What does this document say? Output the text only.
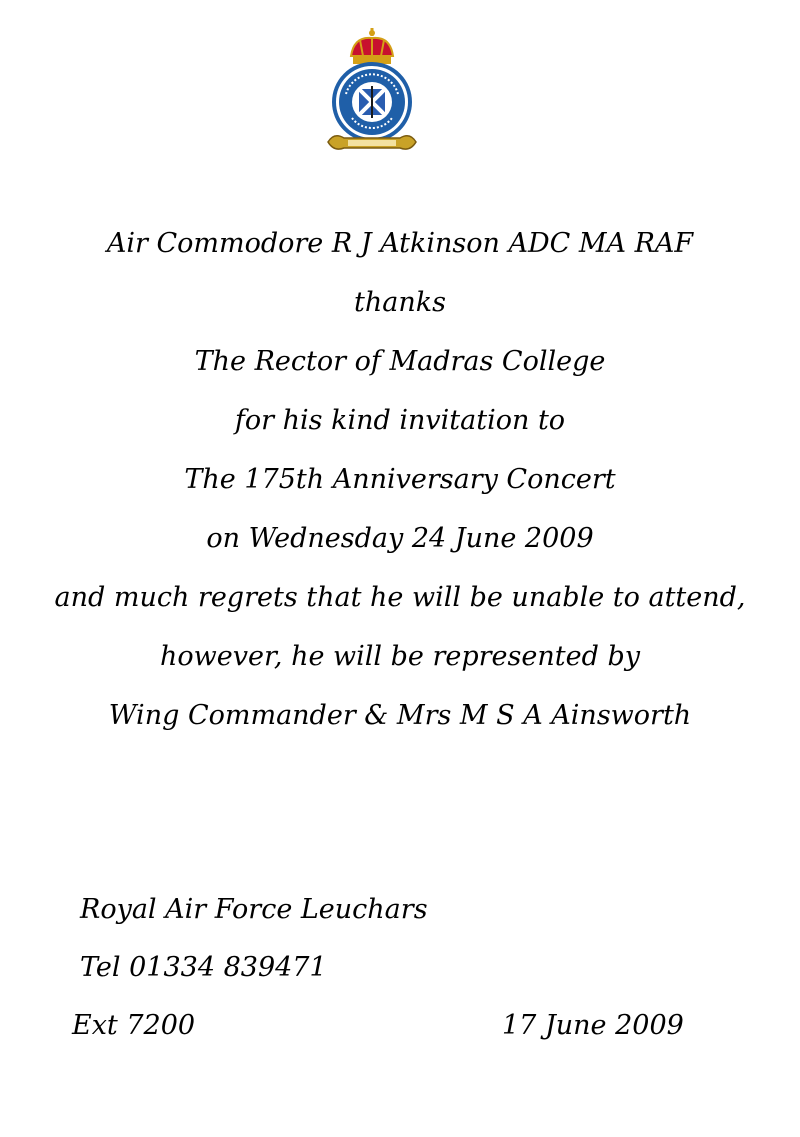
Air Commodore R J Atkinson ADC MA RAF
thanks
The Rector of Madras College
for his kind invitation to
The 175th Anniversary Concert
on Wednesday 24 June 2009
and much regrets that he will be unable to attend,
however, he will be represented by
Wing Commander & Mrs M S A Ainsworth
Royal Air Force Leuchars
Tel 01334 839471
Ext 7200	17 June 2009
